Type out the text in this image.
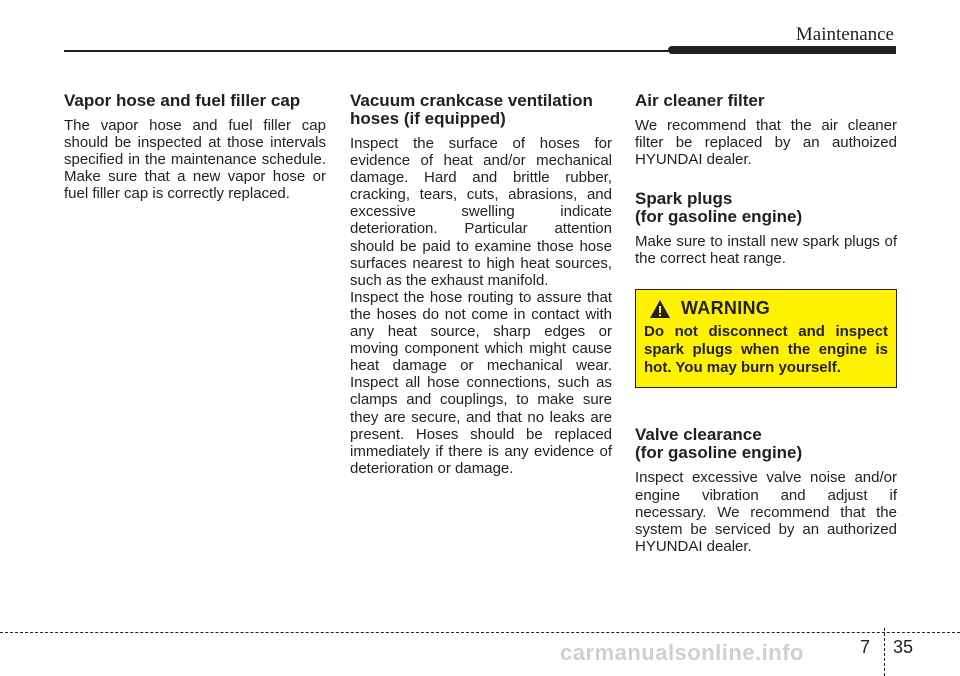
Maintenance
Vapor hose and fuel filler cap

The vapor hose and fuel filler cap should be inspected at those intervals specified in the maintenance schedule. Make sure that a new vapor hose or fuel filler cap is correctly replaced.

Vacuum crankcase ventilation hoses (if equipped)

Inspect the surface of hoses for evidence of heat and/or mechanical damage. Hard and brittle rubber, cracking, tears, cuts, abrasions, and excessive swelling indicate deterioration. Particular attention should be paid to examine those hose surfaces nearest to high heat sources, such as the exhaust manifold.

Inspect the hose routing to assure that the hoses do not come in contact with any heat source, sharp edges or moving component which might cause heat damage or mechanical wear. Inspect all hose connections, such as clamps and couplings, to make sure they are secure, and that no leaks are present. Hoses should be replaced immediately if there is any evidence of deterioration or damage.

Air cleaner filter

We recommend that the air cleaner filter be replaced by an authoized HYUNDAI dealer.

Spark plugs
(for gasoline engine)

Make sure to install new spark plugs of the correct heat range.

WARNING
Do not disconnect and inspect spark plugs when the engine is hot. You may burn yourself.
Valve clearance
(for gasoline engine)

Inspect excessive valve noise and/or engine vibration and adjust if necessary. We recommend that the system be serviced by an authorized HYUNDAI dealer.

carmanualsonline.info	7 35
